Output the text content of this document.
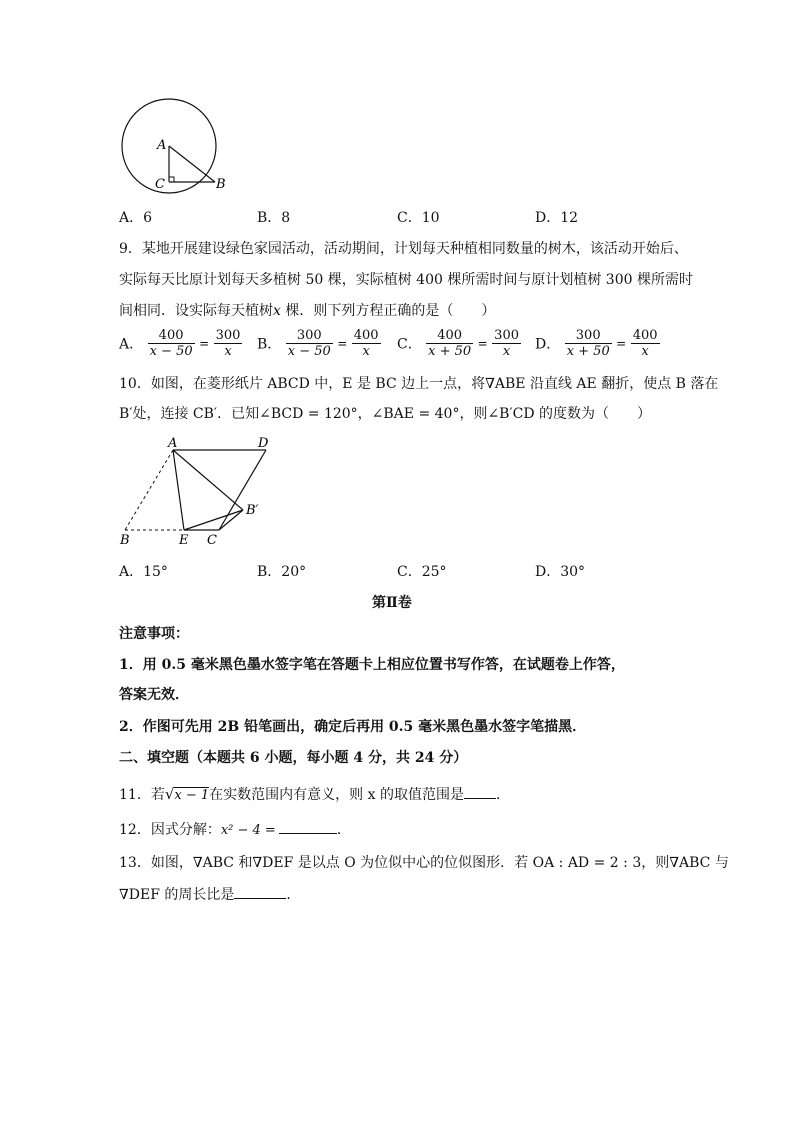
A
C	B
A．6	B．8	C．10	D．12
9．某地开展建设绿色家园活动，活动期间，计划每天种植相同数量的树木，该活动开始后、
实际每天比原计划每天多植树 50 棵，实际植树 400 棵所需时间与原计划植树 300 棵所需时
间相同．设实际每天植树x 棵．则下列方程正确的是（　　）
A． $\frac{400}{x - 50} = \frac{300}{x}$ B． $\frac{300}{x - 50} = \frac{400}{x}$ C． $\frac{400}{x + 50} = \frac{300}{x}$ D． $\frac{300}{x + 50} = \frac{400}{x}$
10．如图，在菱形纸片 ABCD 中，E 是 BC 边上一点，将∇ABE 沿直线 AE 翻折，使点 B 落在
B′处，连接 CB′．已知∠BCD = 120°，∠BAE = 40°，则∠B′CD 的度数为（　　）
A	D
B′
B	E C
A．15°	B．20°	C．25°	D．30°
第Ⅱ卷
注意事项：
1．用 0.5 毫米黑色墨水签字笔在答题卡上相应位置书写作答，在试题卷上作答，
答案无效．
2．作图可先用 2B 铅笔画出，确定后再用 0.5 毫米黑色墨水签字笔描黑．
二、填空题（本题共 6 小题，每小题 4 分，共 24 分）
11．若√x − 1在实数范围内有意义，则 x 的取值范围是 ．
12．因式分解：x² − 4 =	．
13．如图，∇ABC 和∇DEF 是以点 O 为位似中心的位似图形．若 OA : AD = 2 : 3，则∇ABC 与
∇DEF 的周长比是	．
